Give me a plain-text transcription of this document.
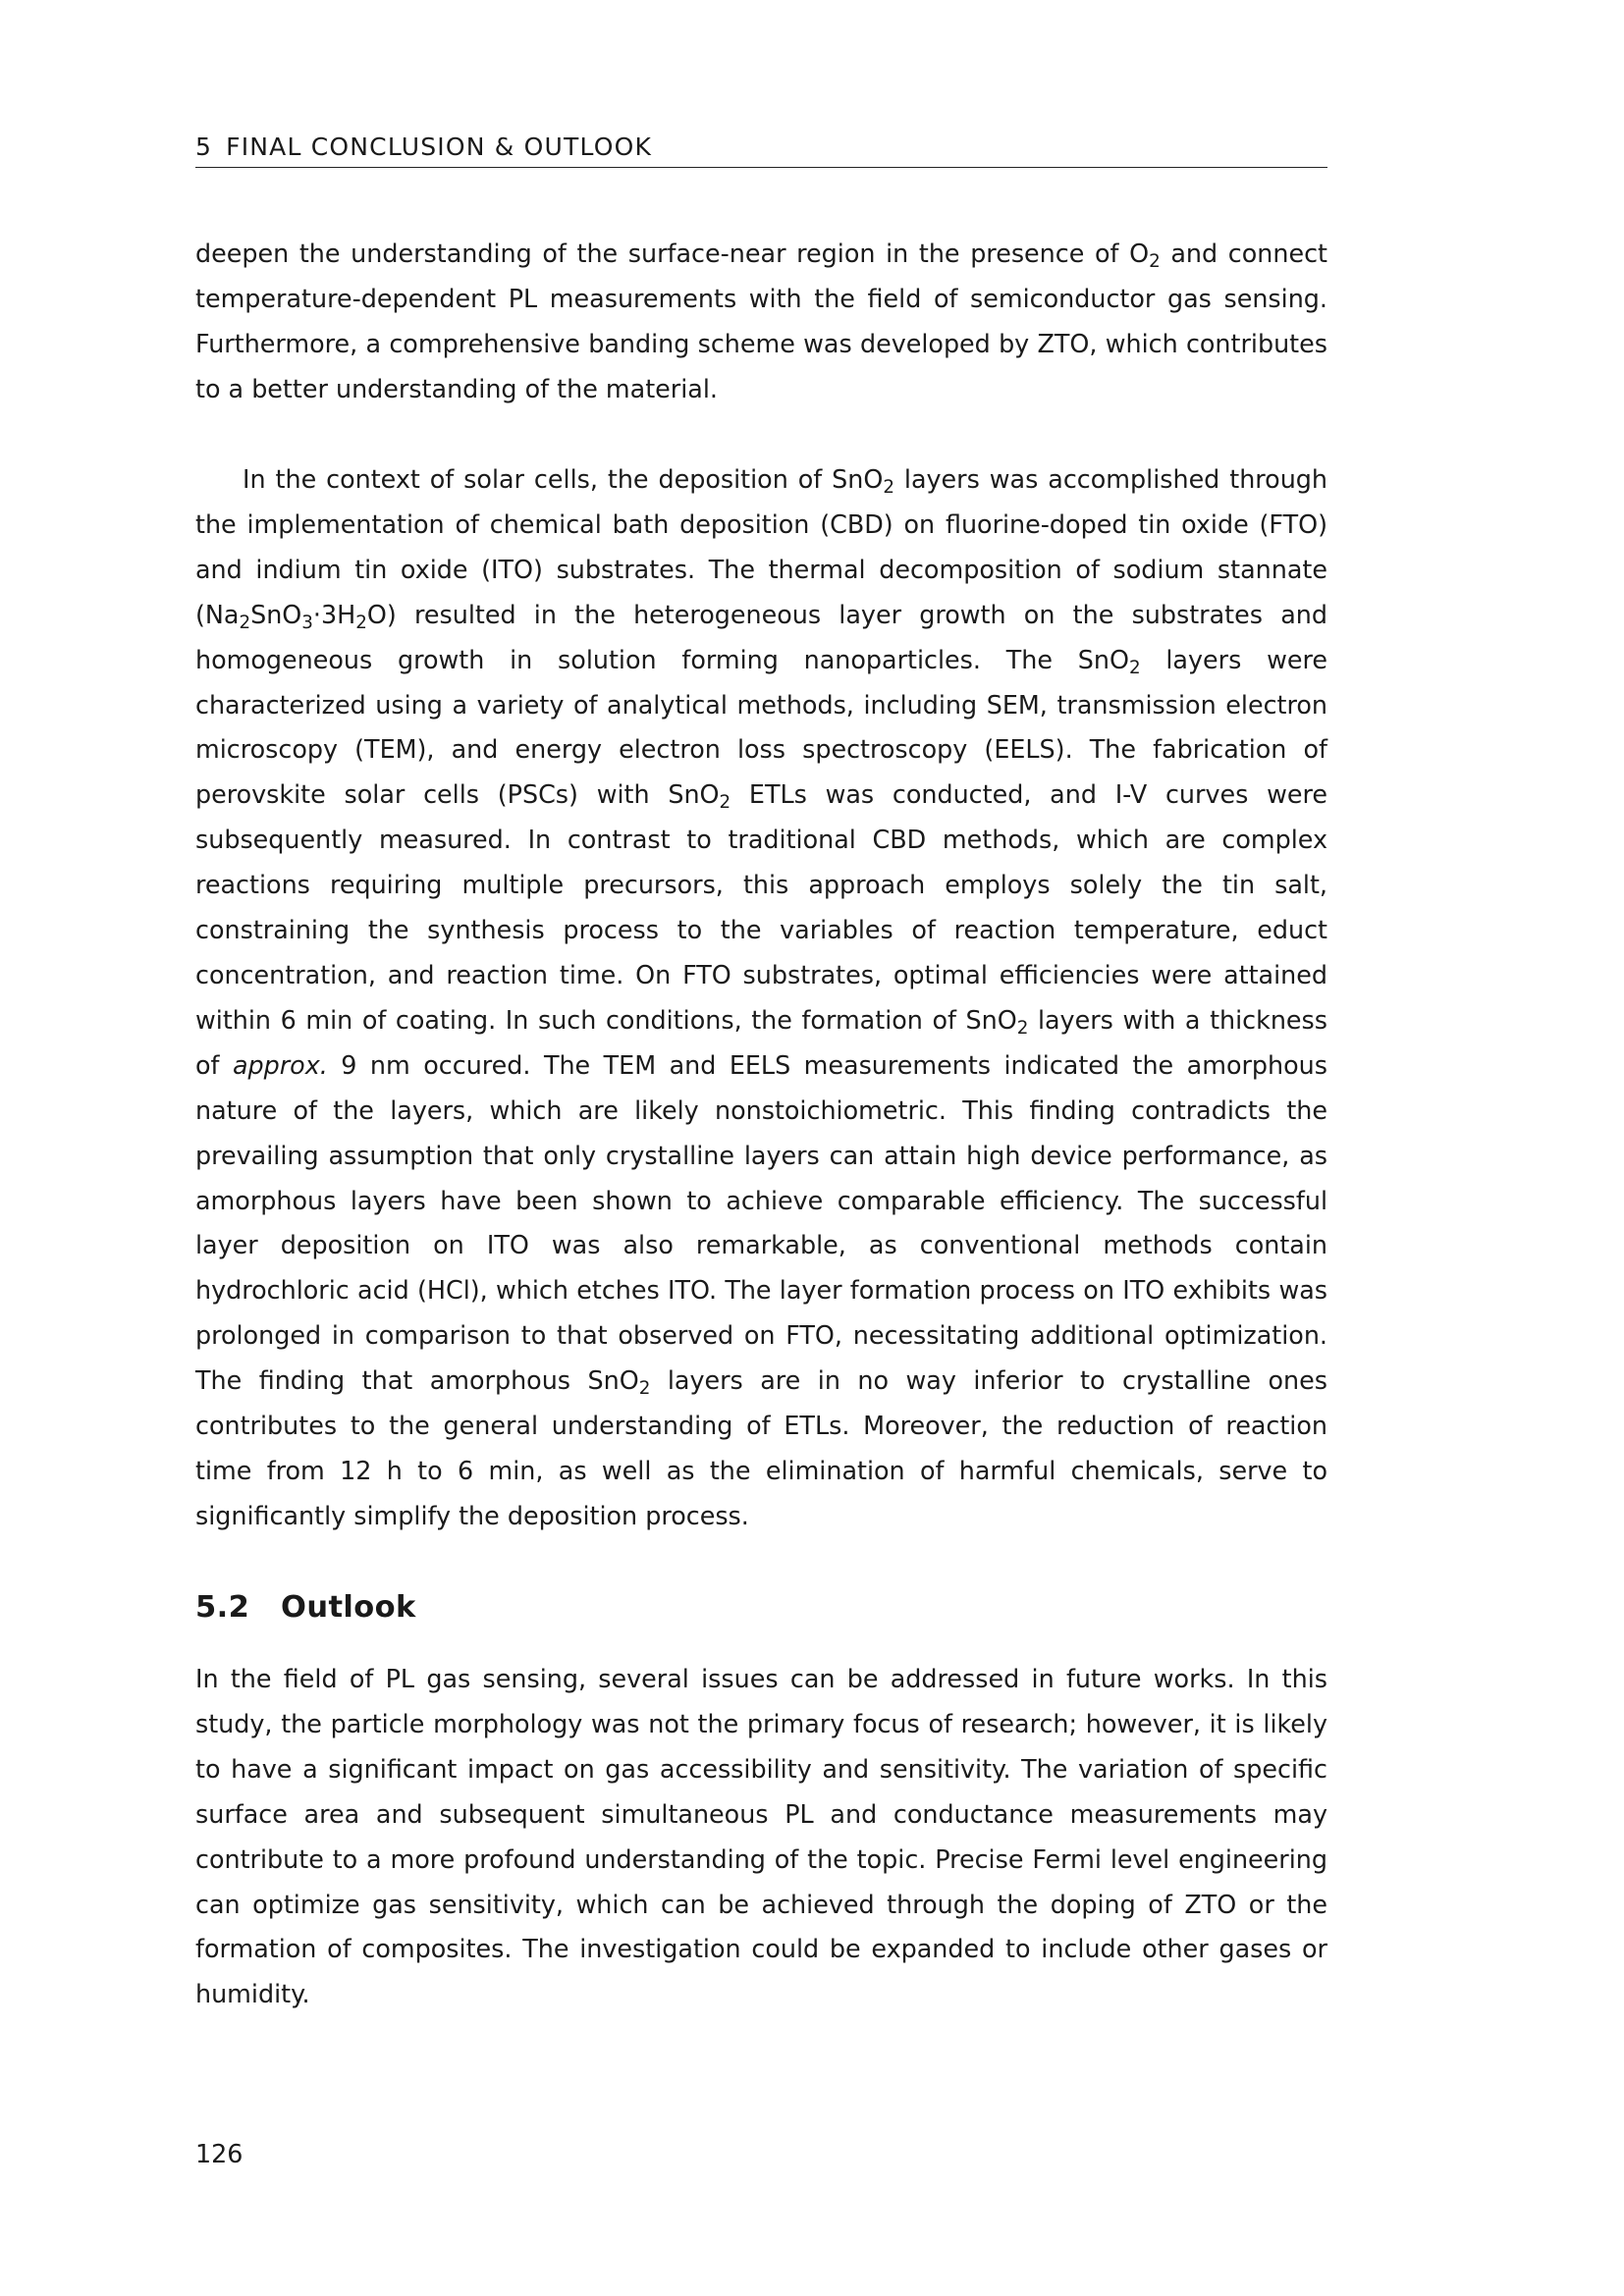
5 FINAL CONCLUSION & OUTLOOK

deepen the understanding of the surface-near region in the presence of $O_2$ and connect temperature-dependent PL measurements with the field of semiconductor gas sensing. Furthermore, a comprehensive banding scheme was developed by ZTO, which contributes to a better understanding of the material.

In the context of solar cells, the deposition of SnO$_2$ layers was accomplished through the implementation of chemical bath deposition (CBD) on fluorine-doped tin oxide (FTO) and indium tin oxide (ITO) substrates. The thermal decomposition of sodium stannate $(Na_2SnO_3\cdot 3H_2O)$ resulted in the heterogeneous layer growth on the substrates and homogeneous growth in solution forming nanoparticles. The SnO$_2$ layers were characterized using a variety of analytical methods, including SEM, transmission electron microscopy (TEM), and energy electron loss spectroscopy (EELS). The fabrication of perovskite solar cells (PSCs) with SnO$_2$ ETLs was conducted, and I-V curves were subsequently measured. In contrast to traditional CBD methods, which are complex reactions requiring multiple precursors, this approach employs solely the tin salt, constraining the synthesis process to the variables of reaction temperature, educt concentration, and reaction time. On FTO substrates, optimal efficiencies were attained within 6 min of coating. In such conditions, the formation of SnO$_2$ layers with a thickness of approx. 9 nm occured. The TEM and EELS measurements indicated the amorphous nature of the layers, which are likely nonstoichiometric. This finding contradicts the prevailing assumption that only crystalline layers can attain high device performance, as amorphous layers have been shown to achieve comparable efficiency. The successful layer deposition on ITO was also remarkable, as conventional methods contain hydrochloric acid (HCl), which etches ITO. The layer formation process on ITO exhibits was prolonged in comparison to that observed on FTO, necessitating additional optimization. The finding that amorphous SnO$_2$ layers are in no way inferior to crystalline ones contributes to the general understanding of ETLs. Moreover, the reduction of reaction time from 12 h to 6 min, as well as the elimination of harmful chemicals, serve to significantly simplify the deposition process.

5.2 Outlook

In the field of PL gas sensing, several issues can be addressed in future works. In this study, the particle morphology was not the primary focus of research; however, it is likely to have a significant impact on gas accessibility and sensitivity. The variation of specific surface area and subsequent simultaneous PL and conductance measurements may contribute to a more profound understanding of the topic. Precise Fermi level engineering can optimize gas sensitivity, which can be achieved through the doping of ZTO or the formation of composites. The investigation could be expanded to include other gases or humidity.

126
